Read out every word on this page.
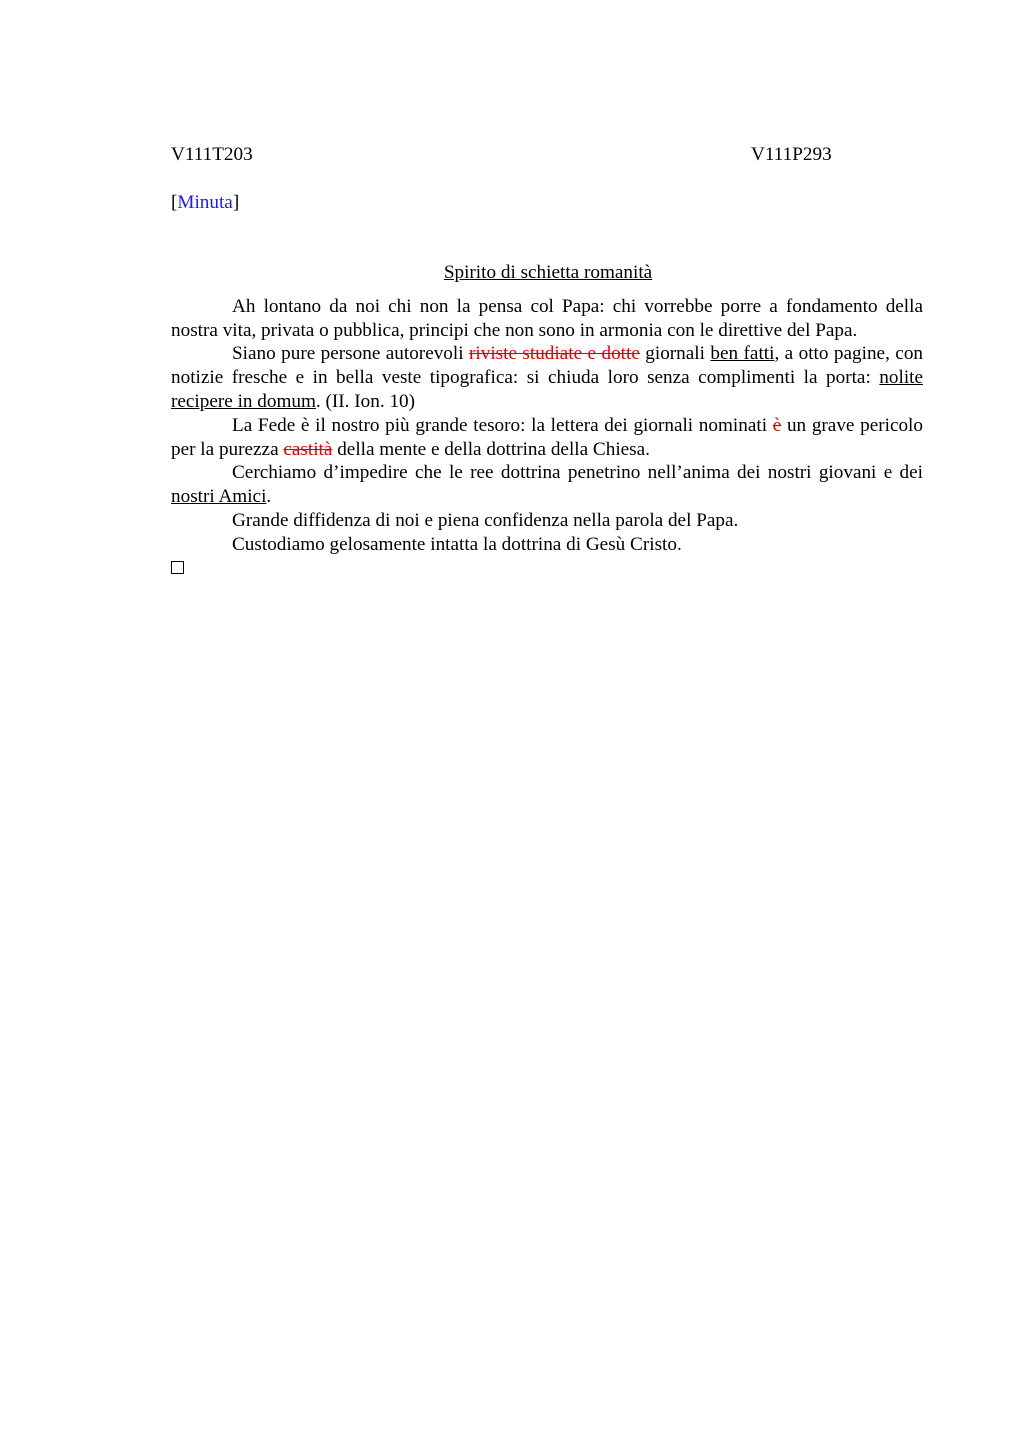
V111T203	V111P293
[Minuta]
Spirito di schietta romanità

Ah lontano da noi chi non la pensa col Papa: chi vorrebbe porre a fondamento della nostra vita, privata o pubblica, principi che non sono in armonia con le direttive del Papa.

Siano pure persone autorevoli riviste studiate e dotte giornali ben fatti, a otto pagine, con notizie fresche e in bella veste tipografica: si chiuda loro senza complimenti la porta: nolite recipere in domum. (II. Ion. 10)

La Fede è il nostro più grande tesoro: la lettera dei giornali nominati è un grave pericolo per la purezza castità della mente e della dottrina della Chiesa.

Cerchiamo d’impedire che le ree dottrina penetrino nell’anima dei nostri giovani e dei nostri Amici.

Grande diffidenza di noi e piena confidenza nella parola del Papa.

Custodiamo gelosamente intatta la dottrina di Gesù Cristo.
